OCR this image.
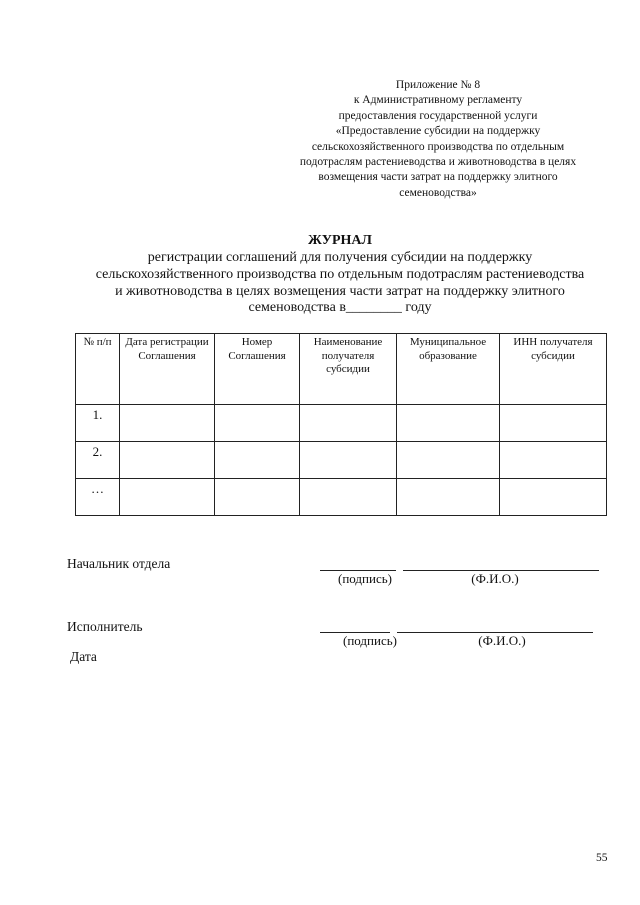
Приложение № 8
к Административному регламенту
предоставления государственной услуги
«Предоставление субсидии на поддержку
сельскохозяйственного производства по отдельным
подотраслям растениеводства и животноводства в целях
возмещения части затрат на поддержку элитного
семеноводства»
ЖУРНАЛ
регистрации соглашений для получения субсидии на поддержку
сельскохозяйственного производства по отдельным подотраслям растениеводства
и животноводства в целях возмещения части затрат на поддержку элитного
семеноводства в________ году
№ п/п	Дата регистрации Соглашения	Номер Соглашения	Наименование получателя субсидии	Муниципальное образование	ИНН получателя субсидии
1.					
2.					
…					
Начальник отдела
(подпись)	(Ф.И.О.)
Исполнитель
(подпись)	(Ф.И.О.)
Дата
55
